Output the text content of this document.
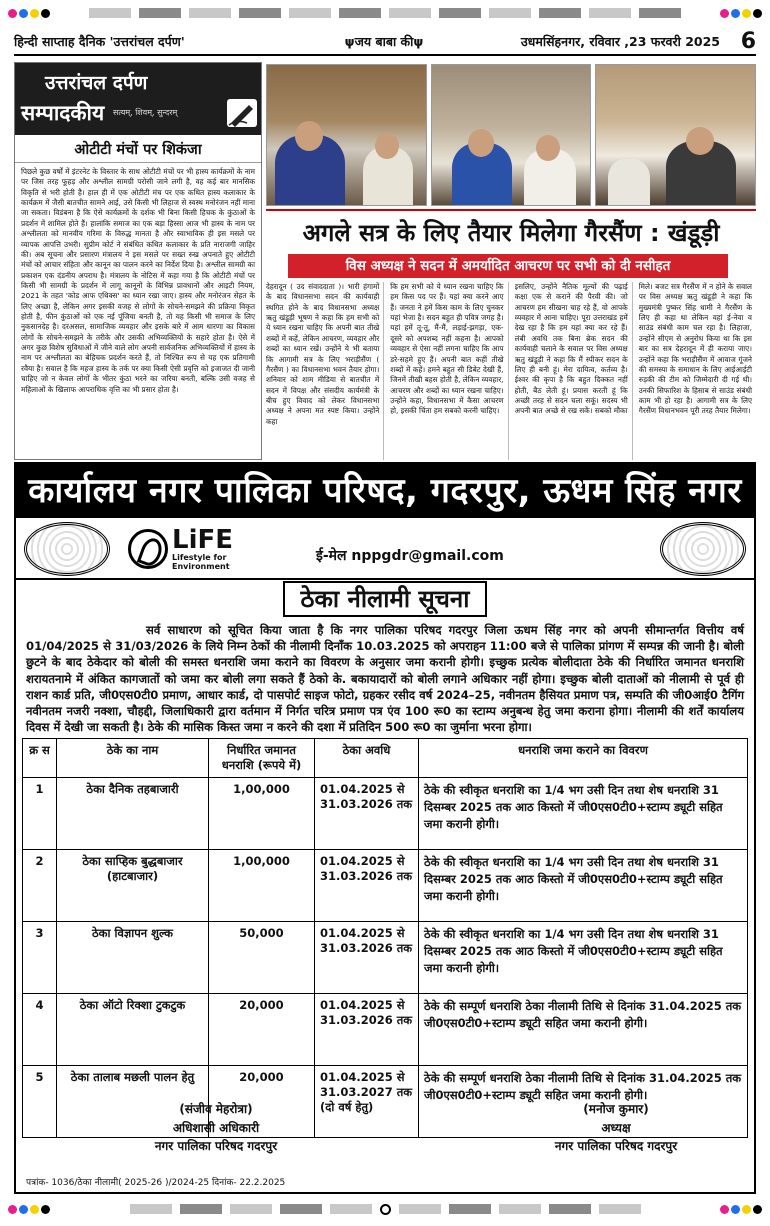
हिन्दी साप्ताह दैनिक 'उत्तरांचल दर्पण'	ψजय बाबा कीψ	उधमसिंहनगर, रविवार ,23 फरवरी 2025 6
उत्तरांचल दर्पण
सम्पादकीय सत्यम्, शिवम्, सुन्दरम्
ओटीटी मंचों पर शिकंजा
पिछले कुछ वर्षों में इंटरनेट के विस्तार के साथ ओटीटी मंचों पर भी हास्य कार्यक्रमों के नाम पर जिस तरह फूहड़ और अश्लील सामग्री परोसी जाने लगी है, वह कई बार मानसिक विकृति से भरी होती है। हाल ही में एक ओटीटी मंच पर एक कथित हास्य कलाकार के कार्यक्रम में जैसी बातचीत सामने आई, उसे किसी भी लिहाज से स्वस्थ मनोरंजन नहीं माना जा सकता। विडंबना है कि ऐसे कार्यक्रमों के दर्शक भी बिना किसी हिचक के कुंठाओं के प्रदर्शन में शामिल होते हैं। हालांकि समाज का एक बड़ा हिस्सा आज भी हास्य के नाम पर अश्लीलता को मानवीय गरिमा के विरुद्ध मानता है और स्वाभाविक ही इस मसले पर व्यापक आपत्ति उभरी। सुप्रीम कोर्ट ने संबंधित कथित कलाकार के प्रति नाराजगी जाहिर की। अब सूचना और प्रसारण मंत्रालय ने इस मसले पर सख्त रुख अपनाते हुए ओटीटी मंचों को आचार संहिता और कानून का पालन करने का निर्देश दिया है। अश्लील सामग्री का प्रकाशन एक दंडनीय अपराध है। मंत्रालय के नोटिस में कहा गया है कि ओटीटी मंचों पर किसी भी सामग्री के प्रदर्शन में लागू कानूनों के विभिन्न प्रावधानों और आइटी नियम, 2021 के तहत 'कोड आफ एथिक्स' का ध्यान रखा जाए। हास्य और मनोरंजन सेहत के लिए अच्छा है, लेकिन अगर इसकी वजह से लोगों के सोचने-समझने की प्रक्रिया विकृत होती है, फीन कुंठाओं को एक नई पूंजिया बनती है, तो यह किसी भी समाज के लिए नुकसानदेह है। दरअसल, सामाजिक व्यवहार और इसके बारे में आम धारणा का विकास लोगों के सोचने-समझने के तरीके और उसकी अभिव्यक्तियों के सहारे होता है। ऐसे में अगर कुछ विशेष सुविधाओं में जीने वाले लोग अपनी सार्वजनिक अभिव्यक्तियों में हास्य के नाम पर अश्लीलता का बेहिचक प्रदर्शन करते हैं, तो निश्चित रूप से यह एक प्रतिगामी रवैया है। सवाल है कि महज हास्य के तर्क पर क्या किसी ऐसी प्रवृत्ति को इजाजत दी जानी चाहिए जो न केवल लोगों के भीतर कुंठा भरने का जरिया बनती, बल्कि उसी वजह से महिलाओं के खिलाफ आपराधिक वृत्ति का भी प्रसार होता है।
अगले सत्र के लिए तैयार मिलेगा गैरसैंण : खंडूड़ी
विस अध्यक्ष ने सदन में अमर्यादित आचरण पर सभी को दी नसीहत
देहरादून ( उद संवाददाता )। भारी हंगामों के बाद विधानसभा सदन की कार्यवाही स्थगित होने के बाद विधानसभा अध्यक्ष ऋतु खंडूड़ी भूषण ने कहा कि हम सभी को ये ध्यान रखना चाहिए कि अपनी बात तीखे शब्दों में कहें, लेकिन आचरण, व्यवहार और शब्दों का ध्यान रखें। उन्होंने ये भी बताया कि आगामी सत्र के लिए भराड़ीसैंण ( गैरसैंण ) का विधानसभा भवन तैयार होगा। शनिवार को शाम मीडिया से बातचीत में सदन में विपक्ष और संसदीय कार्यमंत्री के बीच हुए विवाद को लेकर विधानसभा अध्यक्ष ने अपना मत स्पष्ट किया। उन्होंने कहा
कि हम सभी को ये ध्यान रखना चाहिए कि हम किस पद पर हैं। यहां क्या करने आए हैं। जनता ने हमें किस काम के लिए चुनकर यहां भेजा है। सदन बहुत ही पवित्र जगह है। यहां हमें तू-तू, मैं-मैं, लड़ाई-झगड़ा, एक-दूसरे को अपशब्द नहीं कहना है। आपको व्यवहार से ऐसा नहीं लगना चाहिए कि आप डरे-सहमे हुए हैं। अपनी बात कहीं तीखे शब्दों में कहें। हमने बहुत सी डिबेट देखी हैं, जिनमें तीखी बहस होती है, लेकिन व्यवहार, आचरण और शब्दों का ध्यान रखना चाहिए। उन्होंने कहा, विधानसभा में कैसा आचरण हो, इसकी चिंता हम सबको करनी चाहिए।
इसलिए, उन्होंने नैतिक मूल्यों की पढ़ाई कक्षा एक से कराने की पैरवी की। जो आचरण हम सीखना चाह रहे हैं, वो आपके व्यवहार में आना चाहिए। पूरा उत्तराखंड हमें देख रहा है कि हम यहां क्या कर रहे हैं। लंबी अवधि तक बिना ब्रेक सदन की कार्यवाही चलाने के सवाल पर विस अध्यक्ष ऋतु खंडूड़ी ने कहा कि मैं स्पीकर सदन के लिए ही बनी हूं। मेरा दायित्व, कर्तव्य है। ईश्वर की कृपा है कि बहुत दिक्कत नहीं होती, बैठ लेती हूं। प्रयास करती हूं कि अच्छी तरह से सदन चला सकूं। सदस्य भी अपनी बात अच्छे से रख सकें। सबको मौका
मिले। बजट सत्र गैरसैंण में न होने के सवाल पर विस अध्यक्ष ऋतु खंडूड़ी ने कहा कि मुख्यमंत्री पुष्कर सिंह धामी ने गैरसैंण के लिए ही कहा था लेकिन वहां ई-नेवा व साउंड संबंधी काम चल रहा है। लिहाजा, उन्होंने सीएम से अनुरोध किया था कि इस बार का सत्र देहरादून में ही कराया जाए। उन्होंने कहा कि भराड़ीसैंण में आवाज गूंजने की समस्या के समाधान के लिए आईआईटी रुड़की की टीम को जिम्मेदारी दी गई थी। उनकी सिफारिश के हिसाब से साउंड संबंधी काम भी हो रहा है। आगामी सत्र के लिए गैरसैंण विधानभवन पूरी तरह तैयार मिलेगा।
कार्यालय नगर पालिका परिषद, गदरपुर, ऊधम सिंह नगर
LiFE
Lifestyle for
Environment
ई-मेल nppgdr@gmail.com
ठेका नीलामी सूचना
सर्व साधारण को सूचित किया जाता है कि नगर पालिका परिषद गदरपुर जिला ऊधम सिंह नगर को अपनी सीमान्तर्गत वित्तीय वर्ष 01/04/2025 से 31/03/2026 के लिये निम्न ठेकों की नीलामी दिनाँक 10.03.2025 को अपराहन 11:00 बजे से पालिका प्रांगण में सम्पन्न की जानी है। बोली छुटने के बाद ठेकेदार को बोली की समस्त धनराशि जमा कराने का विवरण के अनुसार जमा करानी होगी। इच्छुक प्रत्येक बोलीदाता ठेके की निर्धारित जमानत धनराशि शरायतनामे में अंकित कागजातों को जमा कर बोली लगा सकते हैं ठेको के. बकायादारों को बोली लगाने अधिकार नहीं होगा। इच्छुक बोली दाताओं को नीलामी से पूर्व ही राशन कार्ड प्रति, जी0एस0टी0 प्रमाण, आधार कार्ड, दो पासपोर्ट साइज फोटो, ग्रहकर रसीद वर्ष 2024–25, नवीनतम हैसियत प्रमाण पत्र, सम्पति की जी0आई0 टैगिंग नवीनतम नजरी नक्शा, चौहद्दी, जिलाधिकारी द्वारा वर्तमान में निर्गत चरित्र प्रमाण पत्र एंव 100 रू0 का स्टाम्प अनुबन्ध हेतु जमा कराना होगा। नीलामी की शर्तें कार्यालय दिवस में देखी जा सकती है। ठेके की मासिक किस्त जमा न करने की दशा में प्रतिदिन 500 रू0 का जुर्माना भरना होगा।
क्र स	ठेके का नाम	निर्धारित जमानत धनराशि (रूपये में)	ठेका अवधि	धनराशि जमा कराने का विवरण
1	ठेका दैनिक तहबाजारी	1,00,000	01.04.2025 से 31.03.2026 तक	ठेके की स्वीकृत धनराशि का 1/4 भग उसी दिन तथा शेष धनराशि 31 दिसम्बर 2025 तक आठ किस्तो में जी0एस0टी0+स्टाम्प ड्यूटी सहित जमा करानी होगी।
2	ठेका साप्हिक बुद्धबाजार (हाटबाजार)	1,00,000	01.04.2025 से 31.03.2026 तक	ठेके की स्वीकृत धनराशि का 1/4 भग उसी दिन तथा शेष धनराशि 31 दिसम्बर 2025 तक आठ किस्तो में जी0एस0टी0+स्टाम्प ड्यूटी सहित जमा करानी होगी।
3	ठेका विज्ञापन शुल्क	50,000	01.04.2025 से 31.03.2026 तक	ठेके की स्वीकृत धनराशि का 1/4 भग उसी दिन तथा शेष धनराशि 31 दिसम्बर 2025 तक आठ किस्तो में जी0एस0टी0+स्टाम्प ड्यूटी सहित जमा करानी होगी।
4	ठेका ऑटो रिक्शा टुकटुक	20,000	01.04.2025 से 31.03.2026 तक	ठेके की सम्पूर्ण धनराशि ठेका नीलामी तिथि से दिनांक 31.04.2025 तक जी0एस0टी0+स्टाम्प ड्यूटी सहित जमा करानी होगी।
5	ठेका तालाब मछली पालन हेतु	20,000	01.04.2025 से 31.03.2027 तक (दो वर्ष हेतु)	ठेके की सम्पूर्ण धनराशि ठेका नीलामी तिथि से दिनांक 31.04.2025 तक जी0एस0टी0+स्टाम्प ड्यूटी सहित जमा करानी होगी।
(संजीव मेहरोत्रा)
अधिशासी अधिकारी
नगर पालिका परिषद गदरपुर
(मनोज कुमार)
अध्यक्ष
नगर पालिका परिषद गदरपुर
पत्रांक- 1036/ठेका नीलामी( 2025-26 )/2024-25 दिनांक- 22.2.2025
